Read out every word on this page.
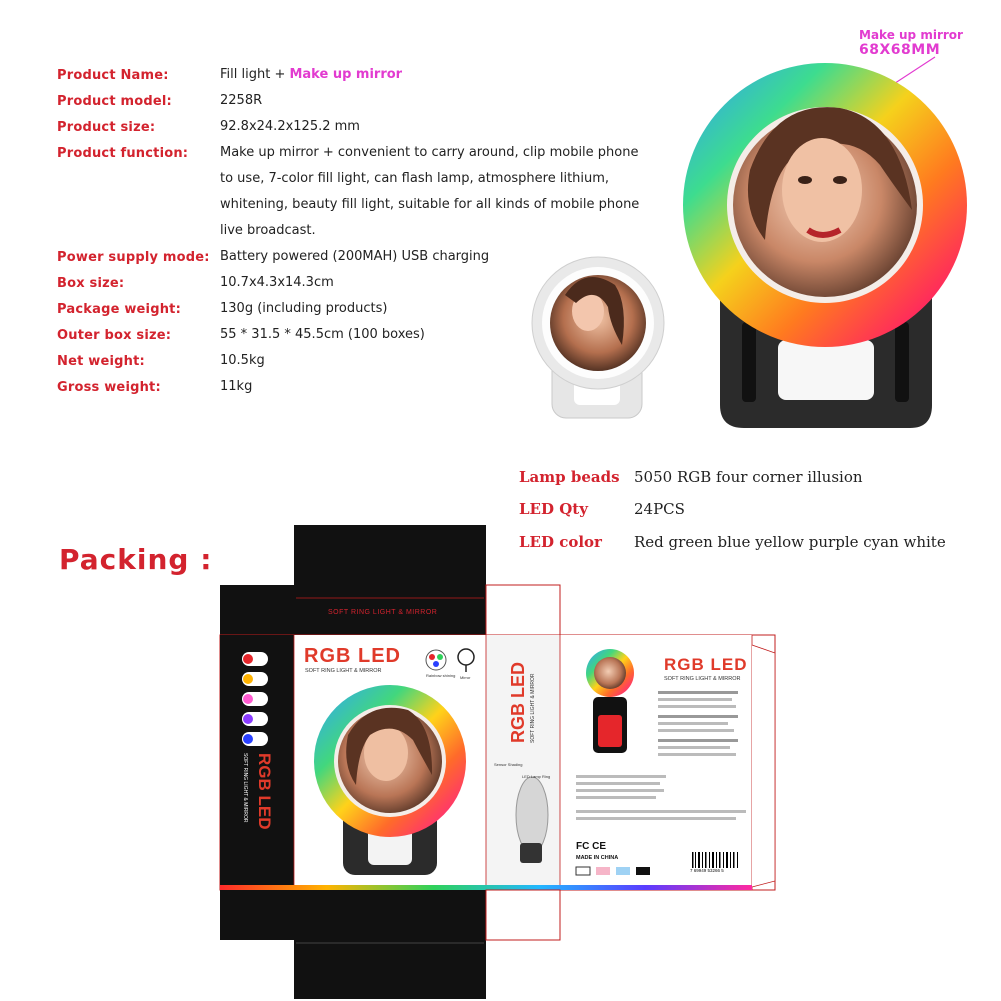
Product Name:	Fill light + Make up mirror
Product model:	2258R
Product size:	92.8x24.2x125.2 mm
Product function: Make up mirror + convenient to carry around, clip mobile phone
to use, 7-color fill light, can flash lamp, atmosphere lithium,
whitening, beauty fill light, suitable for all kinds of mobile phone
live broadcast.
Power supply mode: Battery powered (200MAH) USB charging
Box size:	10.7x4.3x14.3cm
Package weight:	130g (including products)
Outer box size:	55 * 31.5 * 45.5cm (100 boxes)
Net weight:	10.5kg
Gross weight:	11kg
Make up mirror
68X68MM
Lamp beads 5050 RGB four corner illusion
LED Qty	24PCS
LED color Red green blue yellow purple cyan white
Packing :
SOFT RING LIGHT & MIRROR
RGB LED
SOFT RING LIGHT & MIRROR
Rainbow shining Mirror
RGB LED
SOFT RING LIGHT & MIRROR
RGB LED SOFT RING LIGHT & MIRROR
Sensor Shading
LED Lamp Ring
RGB LED
SOFT RING LIGHT & MIRROR
FC CE
MADE IN CHINA
7 69949 53266 5
